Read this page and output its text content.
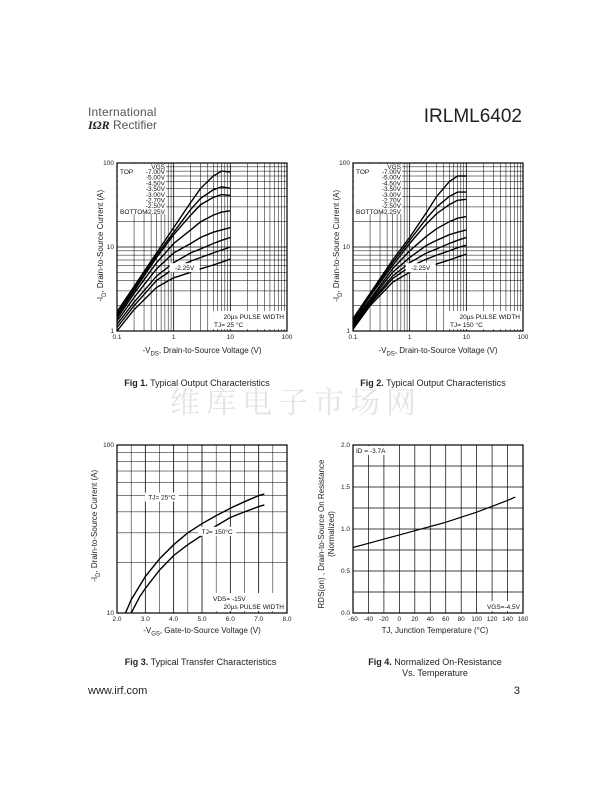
International
IΩR Rectifier	IRLML6402
维库电子市场网
100
10
1
0.1	1	10	100
VGS
TOP
BOTTOM
-7.00V
-5.00V
-4.50V
-3.50V
-3.00V
-2.70V
-2.50V
-2.25V
-2.25V
20µs PULSE WIDTH
TJ= 25 °C
$-I_D$, Drain-to-Source Current (A)
$-V_{DS}$, Drain-to-Source Voltage (V)
Fig 1. Typical Output Characteristics
100
10
1
0.1	1	10	100
VGS
TOP
BOTTOM
-7.00V
-5.00V
-4.50V
-3.50V
-3.00V
-2.70V
-2.50V
-2.25V
-2.25V
20µs PULSE WIDTH
TJ= 150 °C
$-I_D$, Drain-to-Source Current (A)
$-V_{DS}$, Drain-to-Source Voltage (V)
Fig 2. Typical Output Characteristics
100
10
2.0	3.0	4.0	5.0	6.0	7.0	8.0
TJ= 25°C
TJ= 150°C
VDS= -15V
20µs PULSE WIDTH
$-I_D$, Drain-to-Source Current (A)
$-V_{GS}$, Gate-to-Source Voltage (V)
Fig 3. Typical Transfer Characteristics
2.0
1.5
1.0
0.5
0.0
-60 -40 -20 0 20 40 60 80 100 120 140 160
ID = -3.7A
VGS=-4.5V
RDS(on) , Drain-to-Source On Resistance (Normalized)
TJ, Junction Temperature (°C)
Fig 4. Normalized On-Resistance
Vs. Temperature
www.irf.com	3
